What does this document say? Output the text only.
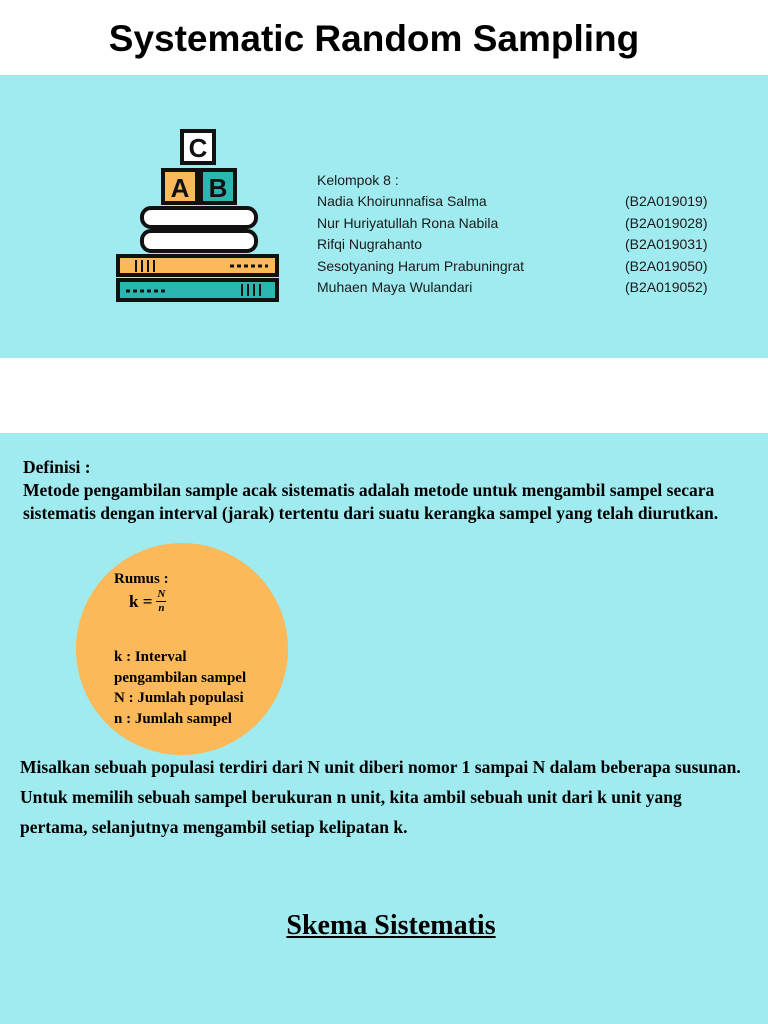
Systematic Random Sampling
C
A B	Kelompok 8 :
Nadia Khoirunnafisa Salma	(B2A019019)
Nur Huriyatullah Rona Nabila	(B2A019028)
Rifqi Nugrahanto	(B2A019031)
Sesotyaning Harum Prabuningrat	(B2A019050)
Muhaen Maya Wulandari	(B2A019052)

Definisi :

Metode pengambilan sample acak sistematis adalah metode untuk mengambil sampel secara sistematis dengan interval (jarak) tertentu dari suatu kerangka sampel yang telah diurutkan.

Rumus :
$k = \frac{N}{n}$
k : Interval
pengambilan sampel
N : Jumlah populasi
n : Jumlah sampel

Misalkan sebuah populasi terdiri dari N unit diberi nomor 1 sampai N dalam beberapa susunan. Untuk memilih sebuah sampel berukuran n unit, kita ambil sebuah unit dari k unit yang pertama, selanjutnya mengambil setiap kelipatan k.

Skema Sistematis
